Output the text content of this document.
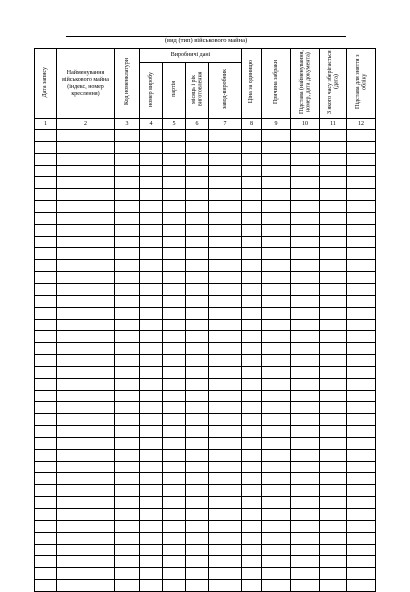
(вид (тип) військового майна)
Дата запису	Найменування військового майна (індекс, номер креслення)	Код номенклатури	Виробничі дані				Ціна за одиницю	Причина забраки	Підстава (найменування, номер, дата документа)	З якого часу зберігається (дата)	Підстава для зняття з обліку
			номер виробу	партія	місяць і рік виготовлення	завод-виробник					
1	2	3	4	5	6	7	8	9	10	11	12
